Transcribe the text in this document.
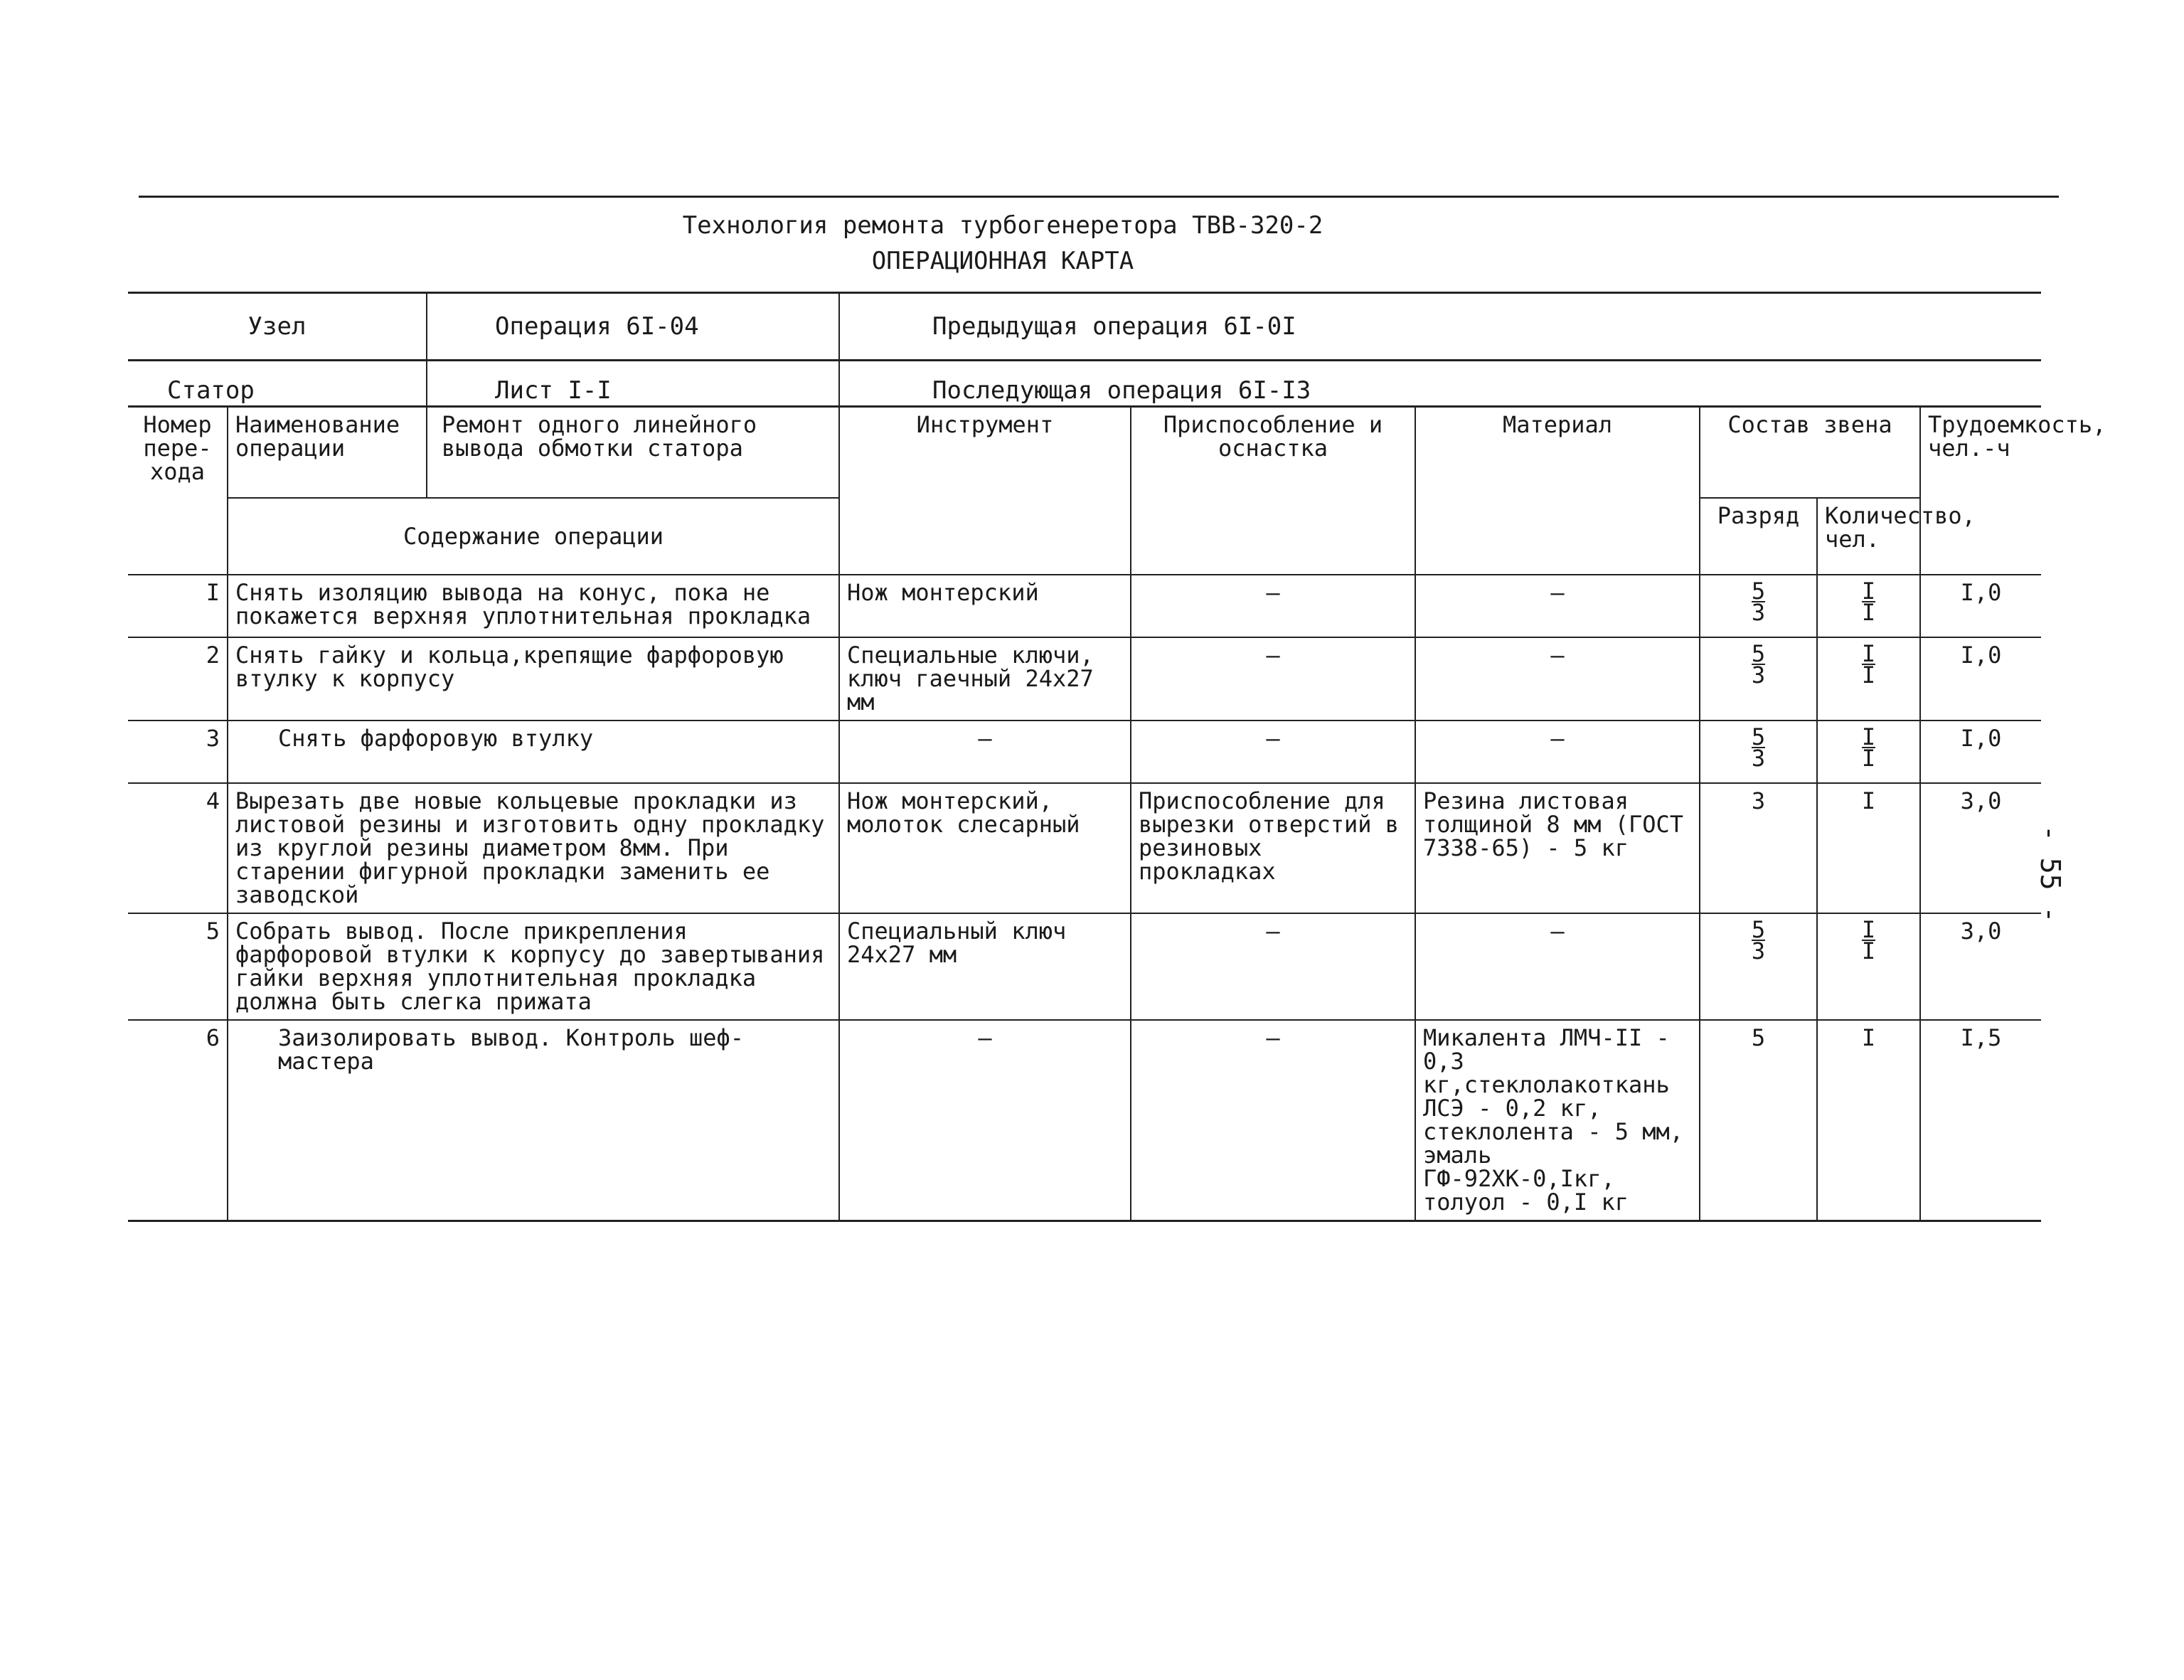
Технология ремонта турбогенеретора ТВВ-320-2
ОПЕРАЦИОННАЯ КАРТА
- 55 -
Узел	Операция 6I-04	Предыдущая операция 6I-0I
Статор	Лист I-I	Последующая операция 6I-I3
Номер пере-хода	Наименование операции	Ремонт одного линейного вывода обмотки статора	Инструмент	Приспособление и оснастка	Материал	Состав звена		Трудоемкость, чел.-ч
	Содержание операции					Разряд	Количество, чел.	
I	Снять изоляцию вывода на конус, пока не покажется верхняя уплотнительная прокладка		Нож монтерский	–	–	$\frac{5}{3}$	$\frac{I}{I}$	I,0
2	Снять гайку и кольца,крепящие фарфоровую втулку к корпусу		Специальные ключи, ключ гаечный 24х27 мм	–	–	$\frac{5}{3}$	$\frac{I}{I}$	I,0
3	Снять фарфоровую втулку		–	–	–	$\frac{5}{3}$	$\frac{I}{I}$	I,0
4	Вырезать две новые кольцевые прокладки из листовой резины и изготовить одну прокладку из круглой резины диаметром 8мм. При старении фигурной прокладки заменить ее заводской		Нож монтерский, молоток слесарный	Приспособление для вырезки отверстий в резиновых прокладках	Резина листовая толщиной 8 мм (ГОСТ 7338-65) - 5 кг	3	I	3,0
5	Собрать вывод. После прикрепления фарфоровой втулки к корпусу до завертывания гайки верхняя уплотнительная прокладка должна быть слегка прижата		Специальный ключ 24х27 мм	–	–	$\frac{5}{3}$	$\frac{I}{I}$	3,0
6	Заизолировать вывод. Контроль шеф-мастера		–	–	Микалента ЛМЧ-II - 0,3 кг,стеклолакоткань ЛСЭ - 0,2 кг, стеклолента - 5 мм, эмаль ГФ-92ХК-0,Iкг, толуол - 0,I кг	5	I	I,5
